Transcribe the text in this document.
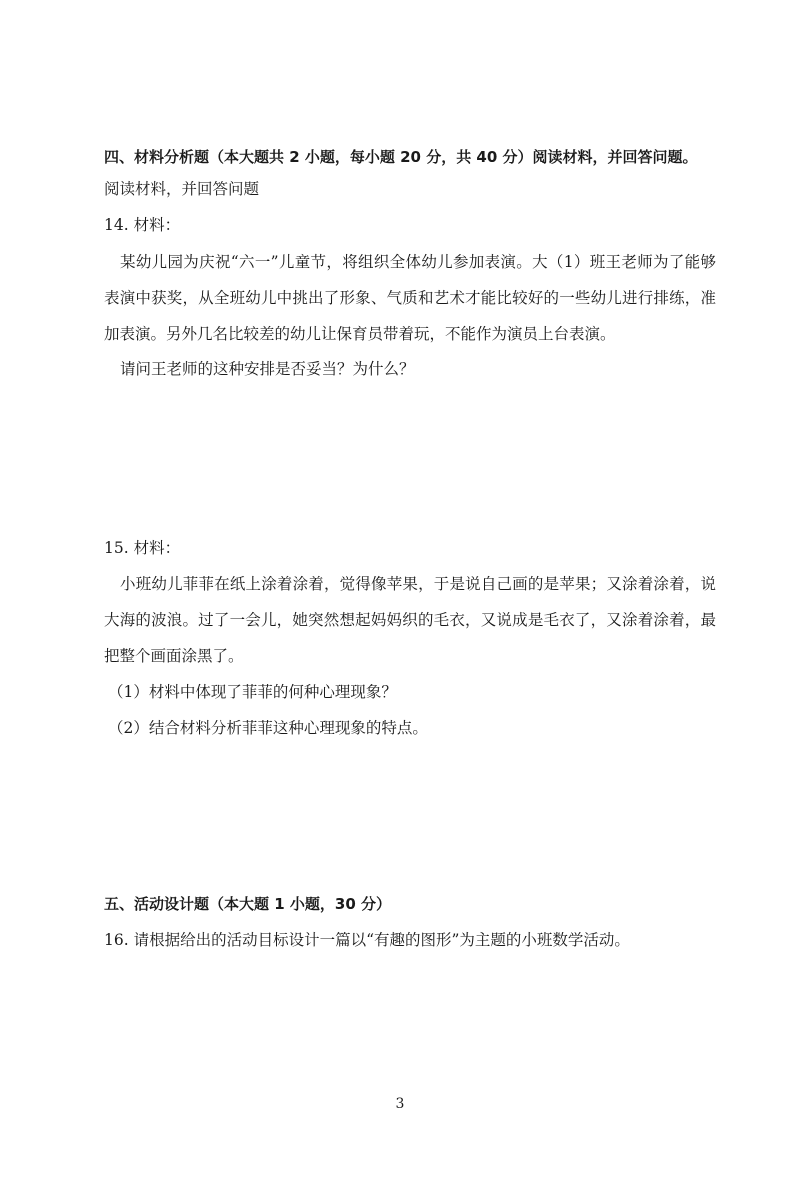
四、材料分析题（本大题共 2 小题，每小题 20 分，共 40 分）阅读材料，并回答问题。
阅读材料，并回答问题
14. 材料：
某幼儿园为庆祝“六一”儿童节，将组织全体幼儿参加表演。大（1）班王老师为了能够
表演中获奖，从全班幼儿中挑出了形象、气质和艺术才能比较好的一些幼儿进行排练，准
加表演。另外几名比较差的幼儿让保育员带着玩，不能作为演员上台表演。
请问王老师的这种安排是否妥当？为什么？
15. 材料：
小班幼儿菲菲在纸上涂着涂着，觉得像苹果，于是说自己画的是苹果；又涂着涂着，说
大海的波浪。过了一会儿，她突然想起妈妈织的毛衣，又说成是毛衣了，又涂着涂着，最
把整个画面涂黑了。
（1）材料中体现了菲菲的何种心理现象？
（2）结合材料分析菲菲这种心理现象的特点。
五、活动设计题（本大题 1 小题，30 分）
16. 请根据给出的活动目标设计一篇以“有趣的图形”为主题的小班数学活动。
3
